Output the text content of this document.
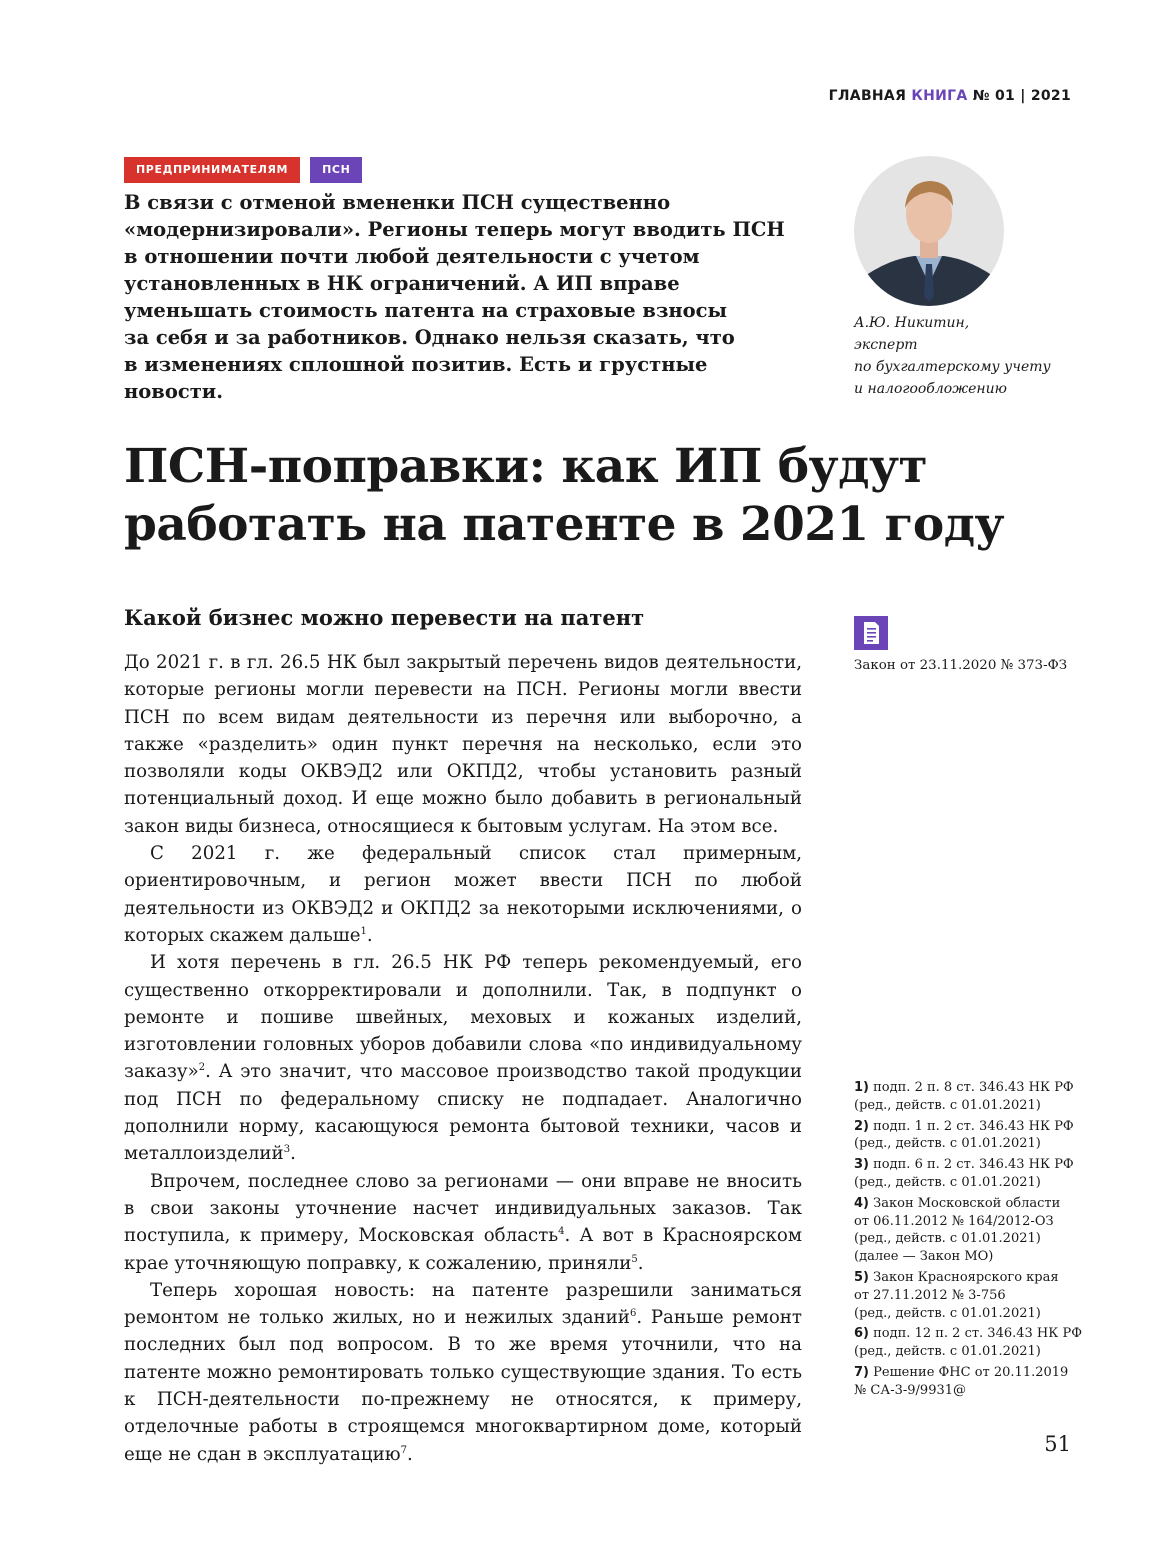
ГЛАВНАЯ КНИГА № 01 | 2021
ПРЕДПРИНИМАТЕЛЯМ	ПСН
В связи с отменой вмененки ПСН существенно
«модернизировали». Регионы теперь могут вводить ПСН
в отношении почти любой деятельности с учетом
установленных в НК ограничений. А ИП вправе
уменьшать стоимость патента на страховые взносы
за себя и за работников. Однако нельзя сказать, что
в изменениях сплошной позитив. Есть и грустные
новости.
А.Ю. Никитин,
эксперт
по бухгалтерскому учету
и налогообложению
ПСН-поправки: как ИП будут
работать на патенте в 2021 году
Какой бизнес можно перевести на патент

До 2021 г. в гл. 26.5 НК был закрытый перечень видов деятельности, которые регионы могли перевести на ПСН. Регионы могли ввести ПСН по всем видам деятельности из перечня или выборочно, а также «разделить» один пункт перечня на несколько, если это позволяли коды ОКВЭД2 или ОКПД2, чтобы установить разный потенциальный доход. И еще можно было добавить в региональный закон виды бизнеса, относящиеся к бытовым услугам. На этом все.

С 2021 г. же федеральный список стал примерным, ориентировочным, и регион может ввести ПСН по любой деятельности из ОКВЭД2 и ОКПД2 за некоторыми исключениями, о которых скажем дальше$^1$.

И хотя перечень в гл. 26.5 НК РФ теперь рекомендуемый, его существенно откорректировали и дополнили. Так, в подпункт о ремонте и пошиве швейных, меховых и кожаных изделий, изготовлении головных уборов добавили слова «по индивидуальному заказу»$^2$. А это значит, что массовое производство такой продукции под ПСН по федеральному списку не подпадает. Аналогично дополнили норму, касающуюся ремонта бытовой техники, часов и металлоизделий$^3$.

Впрочем, последнее слово за регионами — они вправе не вносить в свои законы уточнение насчет индивидуальных заказов. Так поступила, к примеру, Московская область$^4$. А вот в Красноярском крае уточняющую поправку, к сожалению, приняли$^5$.

Теперь хорошая новость: на патенте разрешили заниматься ремонтом не только жилых, но и нежилых зданий$^6$. Раньше ремонт последних был под вопросом. В то же время уточнили, что на патенте можно ремонтировать только существующие здания. То есть к ПСН-деятельности по-прежнему не относятся, к примеру, отделочные работы в строящемся многоквартирном доме, который еще не сдан в эксплуатацию$^7$.

Закон от 23.11.2020 № 373-ФЗ
1) подп. 2 п. 8 ст. 346.43 НК РФ
(ред., действ. с 01.01.2021)
2) подп. 1 п. 2 ст. 346.43 НК РФ
(ред., действ. с 01.01.2021)
3) подп. 6 п. 2 ст. 346.43 НК РФ
(ред., действ. с 01.01.2021)
4) Закон Московской области
от 06.11.2012 № 164/2012-ОЗ
(ред., действ. с 01.01.2021)
(далее — Закон МО)
5) Закон Красноярского края
от 27.11.2012 № 3-756
(ред., действ. с 01.01.2021)
6) подп. 12 п. 2 ст. 346.43 НК РФ
(ред., действ. с 01.01.2021)
7) Решение ФНС от 20.11.2019
№ СА-3-9/9931@
51
